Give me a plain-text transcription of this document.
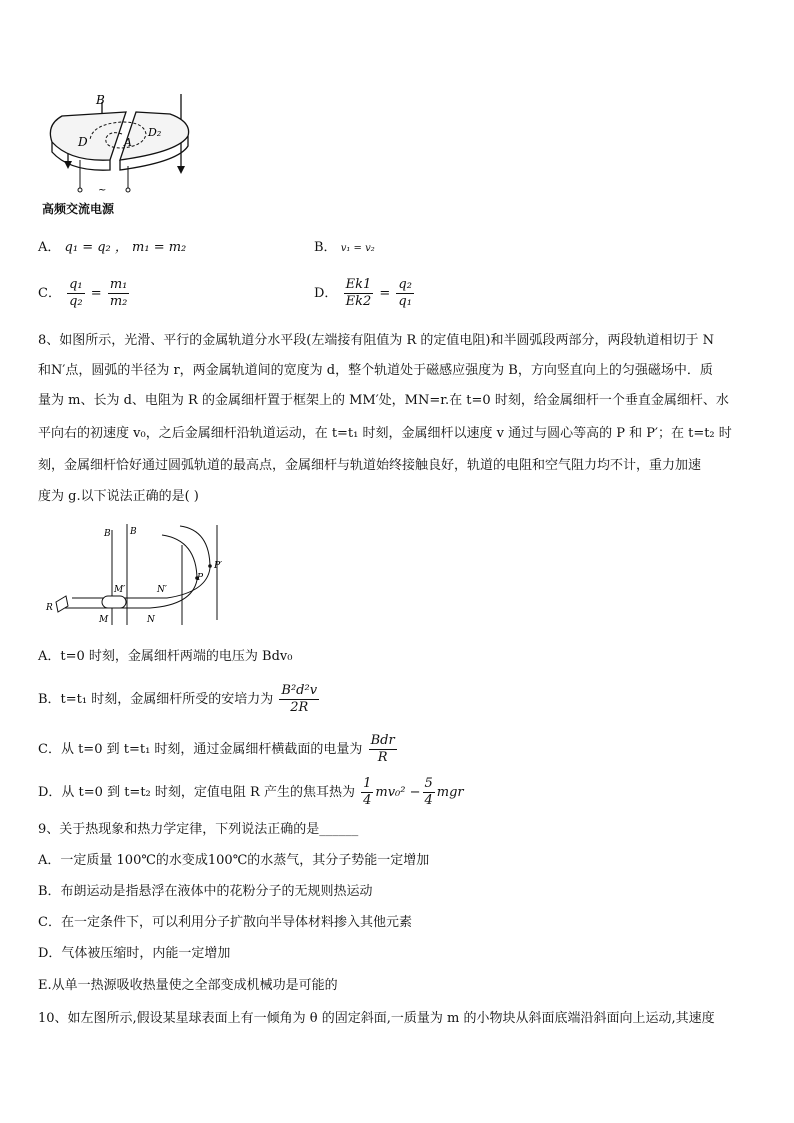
B
D
D₂
A
~
高频交流电源
A． q₁ = q₂ ， m₁ = m₂	B． v₁ = v₂
C． $\frac{\text{q₁}}{\text{q₂}} = \frac{\text{m₁}}{\text{m₂}}$	D． $\frac{Ek1}{Ek2} = \frac{\text{q₂}}{\text{q₁}}$
8、如图所示，光滑、平行的金属轨道分水平段(左端接有阻值为 R 的定值电阻)和半圆弧段两部分，两段轨道相切于 N
和N′点，圆弧的半径为 r，两金属轨道间的宽度为 d，整个轨道处于磁感应强度为 B，方向竖直向上的匀强磁场中．质
量为 m、长为 d、电阻为 R 的金属细杆置于框架上的 MM′处，MN=r.在 t=0 时刻，给金属细杆一个垂直金属细杆、水
平向右的初速度 v₀，之后金属细杆沿轨道运动，在 t=t₁ 时刻，金属细杆以速度 v 通过与圆心等高的 P 和 P′；在 t=t₂ 时
刻，金属细杆恰好通过圆弧轨道的最高点，金属细杆与轨道始终接触良好，轨道的电阻和空气阻力均不计，重力加速
度为 g.以下说法正确的是( )
B B
R
M
M′
N
N′
P
P′
A．t=0 时刻，金属细杆两端的电压为 Bdv₀
B．t=t₁ 时刻，金属细杆所受的安培力为 $\frac{\text{B²d²v}}{2R}$
C．从 t=0 到 t=t₁ 时刻，通过金属细杆横截面的电量为 $\frac{\text{Bdr}}{R}$
D．从 t=0 到 t=t₂ 时刻，定值电阻 R 产生的焦耳热为 $\frac{1}{4} mv_0^2 - \frac{5}{4}$ mgr
9、关于热现象和热力学定律，下列说法正确的是______
A．一定质量 100℃的水变成100℃的水蒸气，其分子势能一定增加
B．布朗运动是指悬浮在液体中的花粉分子的无规则热运动
C．在一定条件下，可以利用分子扩散向半导体材料掺入其他元素
D．气体被压缩时，内能一定增加
E.从单一热源吸收热量使之全部变成机械功是可能的
10、如左图所示,假设某星球表面上有一倾角为 θ 的固定斜面,一质量为 m 的小物块从斜面底端沿斜面向上运动,其速度
